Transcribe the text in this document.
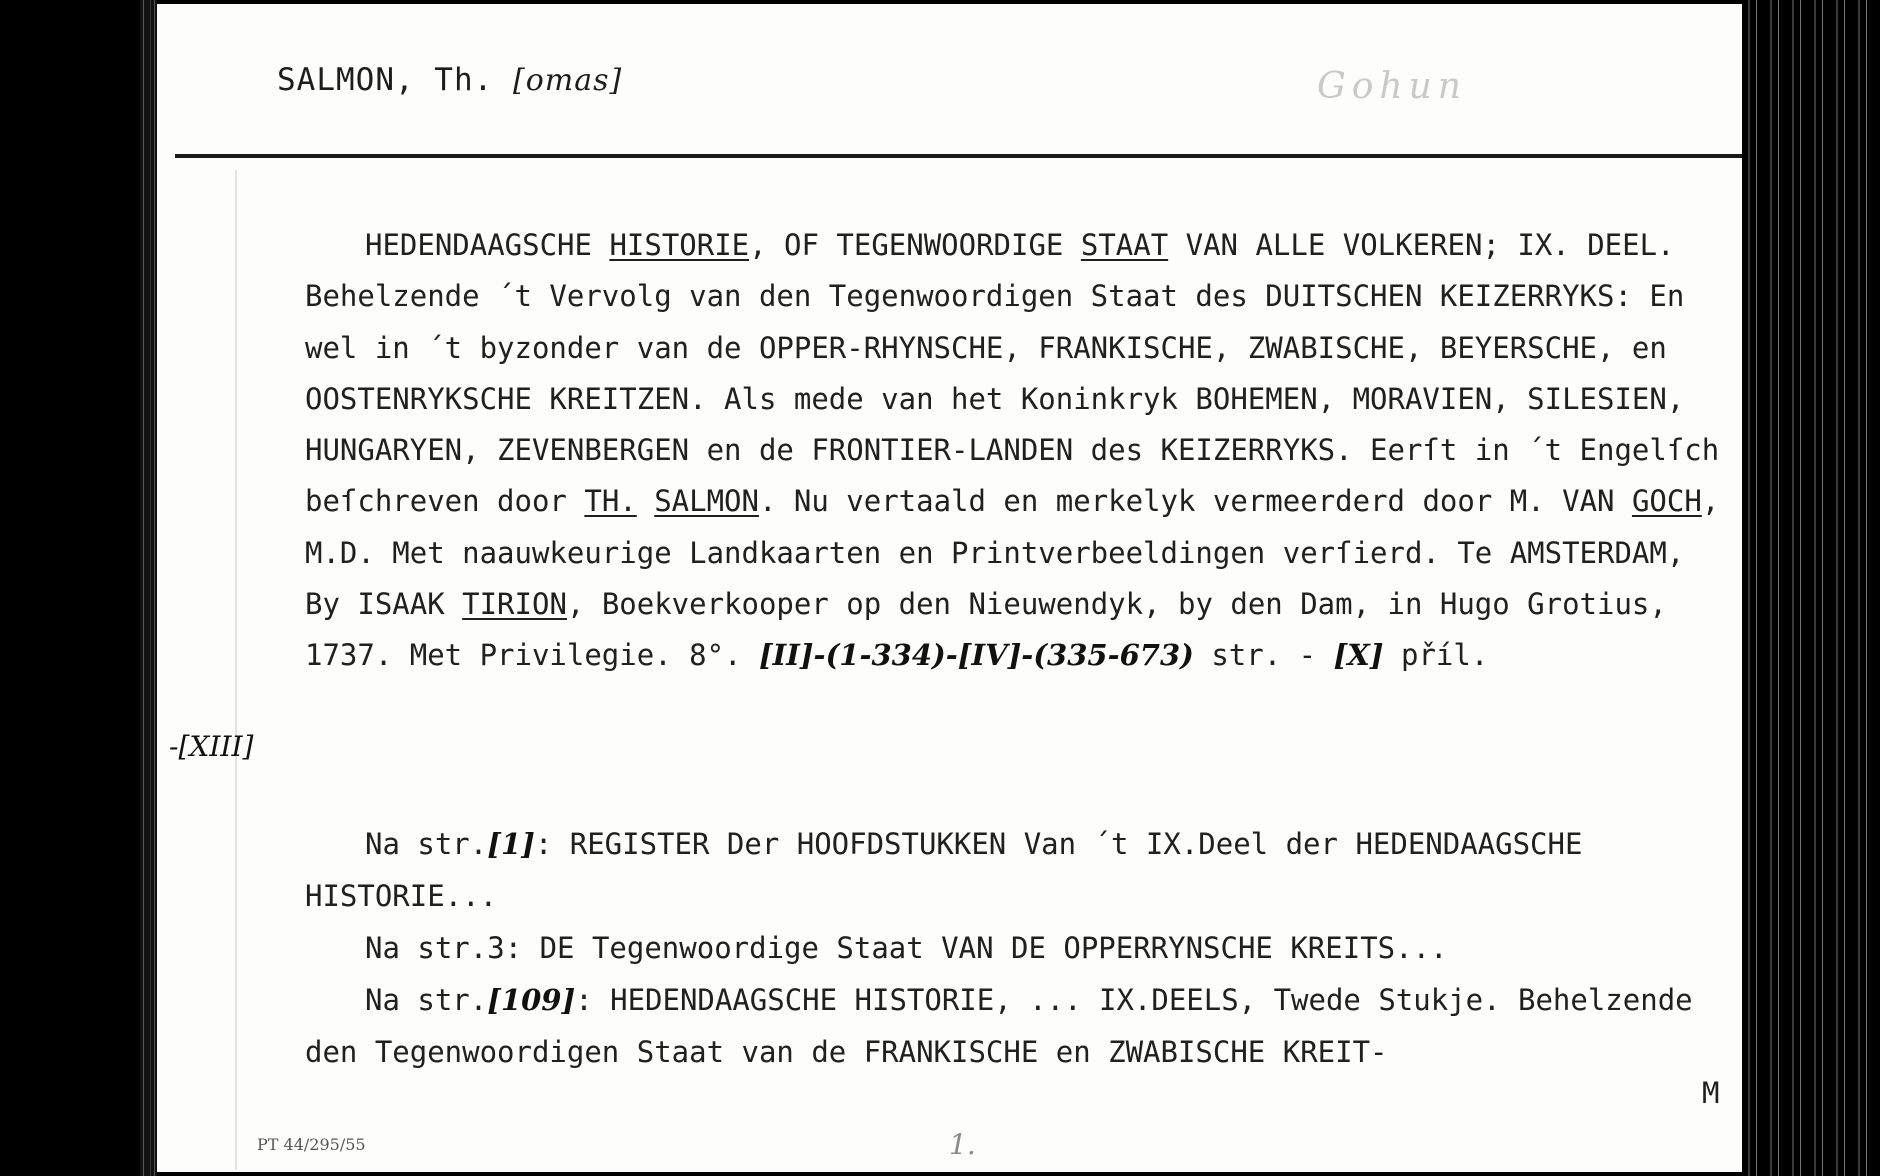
SALMON, Th. [omas]	Gohun
HEDENDAAGSCHE HISTORIE, OF TEGENWOORDIGE STAAT VAN ALLE VOLKEREN; IX. DEEL. Behelzende ´t Vervolg van den Tegenwoordigen Staat des DUITSCHEN KEIZERRYKS: En wel in ´t byzonder van de OPPER-RHYNSCHE, FRANKISCHE, ZWABISCHE, BEYERSCHE, en OOSTENRYKSCHE KREITZEN. Als mede van het Koninkryk BOHEMEN, MORAVIEN, SILESIEN, HUNGARYEN, ZEVENBERGEN en de FRONTIER-LANDEN des KEIZERRYKS. Eerſt in ´t Engelſch beſchreven door TH. SALMON. Nu vertaald en merkelyk vermeerderd door M. VAN GOCH, M.D. Met naauwkeurige Landkaarten en Printverbeeldingen verſierd. Te AMSTERDAM, By ISAAK TIRION, Boekverkooper op den Nieuwendyk, by den Dam, in Hugo Grotius, 1737. Met Privilegie. 8°. [II]-(1-334)-[IV]-(335-673) str. - [X] příl.
-[XIII]
Na str.[1]: REGISTER Der HOOFDSTUKKEN Van ´t IX.Deel der HEDENDAAGSCHE HISTORIE...
Na str.3: DE Tegenwoordige Staat VAN DE OPPERRYNSCHE KREITS...
Na str.[109]: HEDENDAAGSCHE HISTORIE, ... IX.DEELS, Twede Stukje. Behelzende den Tegenwoordigen Staat van de FRANKISCHE en ZWABISCHE KREIT-
M
PT 44/295/55	1.
